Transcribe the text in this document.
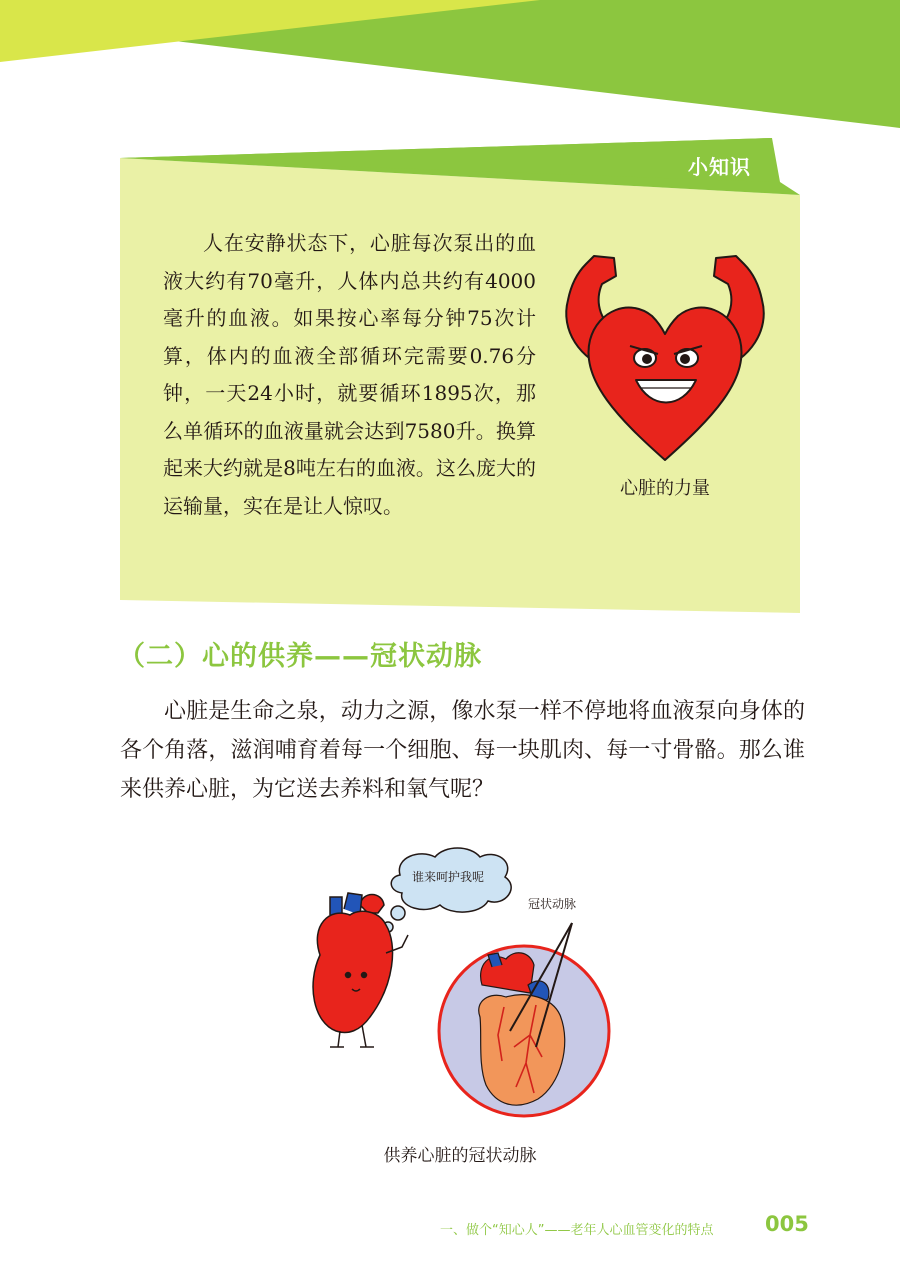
小知识

人在安静状态下，心脏每次泵出的血液大约有70毫升，人体内总共约有4000毫升的血液。如果按心率每分钟75次计算，体内的血液全部循环完需要0.76分钟，一天24小时，就要循环1895次，那么单循环的血液量就会达到7580升。换算起来大约就是8吨左右的血液。这么庞大的运输量，实在是让人惊叹。

心脏的力量
（二）心的供养——冠状动脉

心脏是生命之泉，动力之源，像水泵一样不停地将血液泵向身体的各个角落，滋润哺育着每一个细胞、每一块肌肉、每一寸骨骼。那么谁来供养心脏，为它送去养料和氧气呢？

谁来呵护我呢
冠状动脉
供养心脏的冠状动脉
一、做个“知心人”——老年人心血管变化的特点	005
